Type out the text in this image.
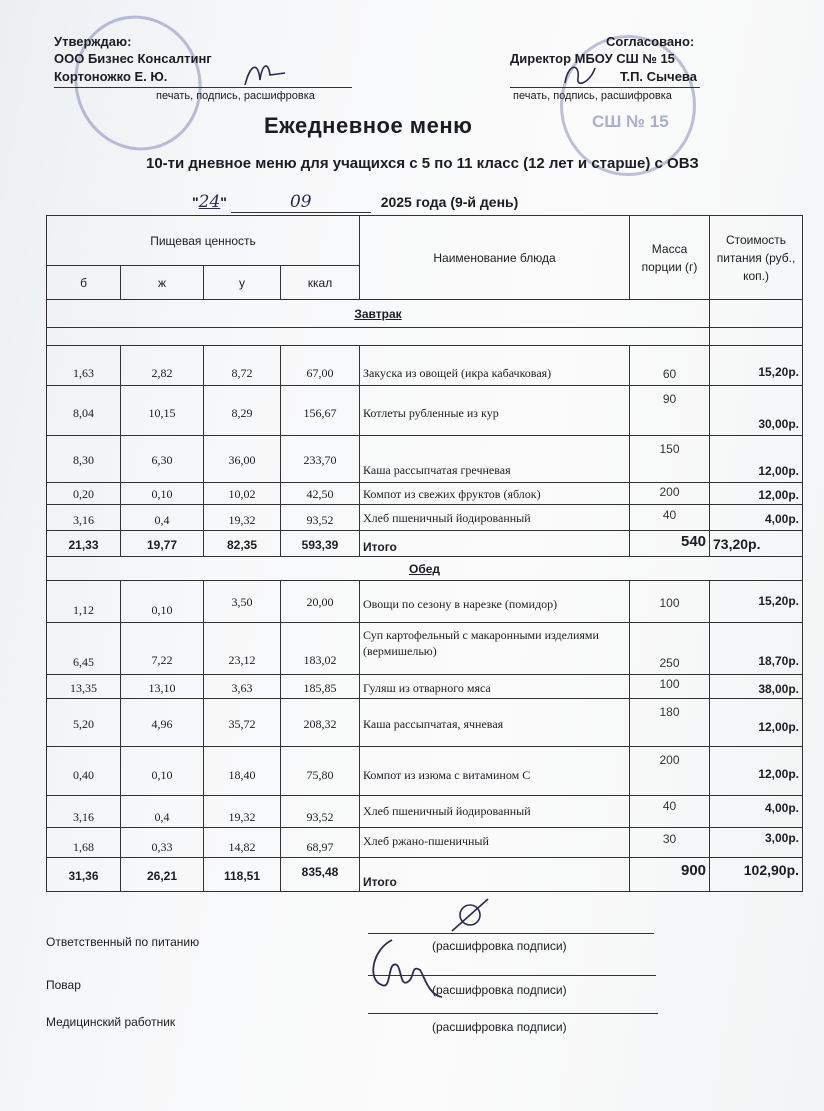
СШ № 15
Утверждаю:
ООО Бизнес Консалтинг
Кортоножко Е. Ю.
печать, подпись, расшифровка
Согласовано:
Директор МБОУ СШ № 15
Т.П. Сычева
печать, подпись, расшифровка
Ежедневное меню
10-ти дневное меню для учащихся с 5 по 11 класс (12 лет и старше) с ОВЗ
"24"	09	2025 года (9-й день)
Пищевая ценность				Наименование блюда	Масса порции (г)	Стоимость питания (руб., коп.)
б	ж	у	ккал			
Завтрак						

1,63	2,82	8,72	67,00	Закуска из овощей (икра кабачковая)	60	15,20р.
8,04	10,15	8,29	156,67	Котлеты рубленные из кур	90	30,00р.
8,30	6,30	36,00	233,70	Каша рассыпчатая гречневая	150	12,00р.
0,20	0,10	10,02	42,50	Компот из свежих фруктов (яблок)	200	12,00р.
3,16	0,4	19,32	93,52	Хлеб пшеничный йодированный	40	4,00р.
21,33	19,77	82,35	593,39	Итого	540	73,20р.
Обед						
1,12	0,10	3,50	20,00	Овощи по сезону в нарезке (помидор)	100	15,20р.
6,45	7,22	23,12	183,02	Суп картофельный с макаронными изделиями (вермишелью)	250	18,70р.
13,35	13,10	3,63	185,85	Гуляш из отварного мяса	100	38,00р.
5,20	4,96	35,72	208,32	Каша рассыпчатая, ячневая	180	12,00р.
0,40	0,10	18,40	75,80	Компот из изюма с витамином С	200	12,00р.
3,16	0,4	19,32	93,52	Хлеб пшеничный йодированный	40	4,00р.
1,68	0,33	14,82	68,97	Хлеб ржано-пшеничный	30	3,00р.
31,36	26,21	118,51	835,48	Итого	900	102,90р.
Ответственный по питанию	(расшифровка подписи)
Повар	(расшифровка подписи)
Медицинский работник	(расшифровка подписи)
